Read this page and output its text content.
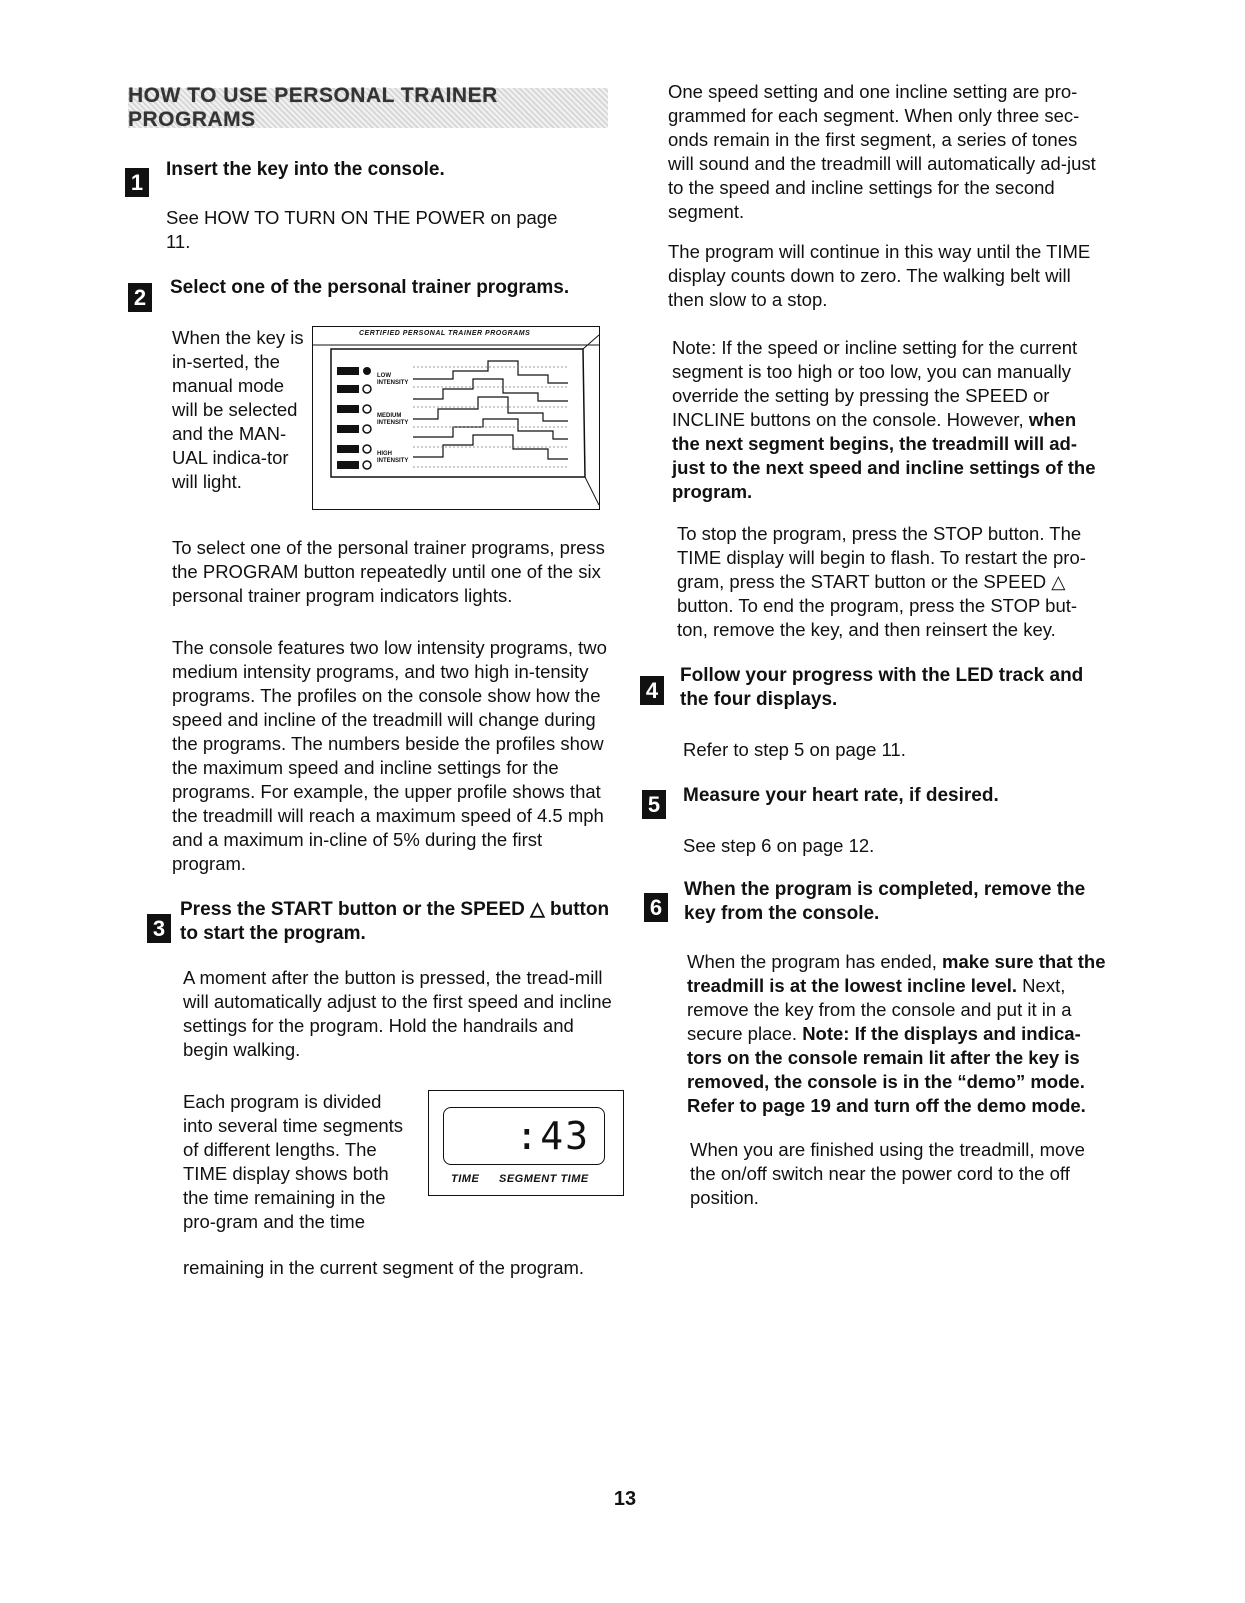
HOW TO USE PERSONAL TRAINER PROGRAMS
1

Insert the key into the console.

See HOW TO TURN ON THE POWER on page 11.

2	Select one of the personal trainer programs.

When the key is in-serted, the manual mode will be selected and the MAN-UAL indica-tor will light.

CERTIFIED PERSONAL TRAINER PROGRAMS
LOW INTENSITY
MEDIUM INTENSITY
HIGH INTENSITY

To select one of the personal trainer programs, press the PROGRAM button repeatedly until one of the six personal trainer program indicators lights.

The console features two low intensity programs, two medium intensity programs, and two high in-tensity programs. The profiles on the console show how the speed and incline of the treadmill will change during the programs. The numbers beside the profiles show the maximum speed and incline settings for the programs. For example, the upper profile shows that the treadmill will reach a maximum speed of 4.5 mph and a maximum in-cline of 5% during the first program.

3

Press the START button or the SPEED △ button to start the program.

A moment after the button is pressed, the tread-mill will automatically adjust to the first speed and incline settings for the program. Hold the handrails and begin walking.

Each program is divided into several time segments of different lengths. The TIME display shows both the time remaining in the pro-gram and the time

remaining in the current segment of the program.

:43
TIME SEGMENT TIME

One speed setting and one incline setting are pro-grammed for each segment. When only three sec-onds remain in the first segment, a series of tones will sound and the treadmill will automatically ad-just to the speed and incline settings for the second segment.

The program will continue in this way until the TIME display counts down to zero. The walking belt will then slow to a stop.

Note: If the speed or incline setting for the current segment is too high or too low, you can manually override the setting by pressing the SPEED or INCLINE buttons on the console. However, when the next segment begins, the treadmill will ad-just to the next speed and incline settings of the program.

To stop the program, press the STOP button. The TIME display will begin to flash. To restart the pro-gram, press the START button or the SPEED △ button. To end the program, press the STOP but-ton, remove the key, and then reinsert the key.

4

Follow your progress with the LED track and the four displays.

Refer to step 5 on page 11.

5	Measure your heart rate, if desired.

See step 6 on page 12.

6

When the program is completed, remove the key from the console.

When the program has ended, make sure that the treadmill is at the lowest incline level. Next, remove the key from the console and put it in a secure place. Note: If the displays and indica-tors on the console remain lit after the key is removed, the console is in the “demo” mode. Refer to page 19 and turn off the demo mode.

When you are finished using the treadmill, move the on/off switch near the power cord to the off position.

13
